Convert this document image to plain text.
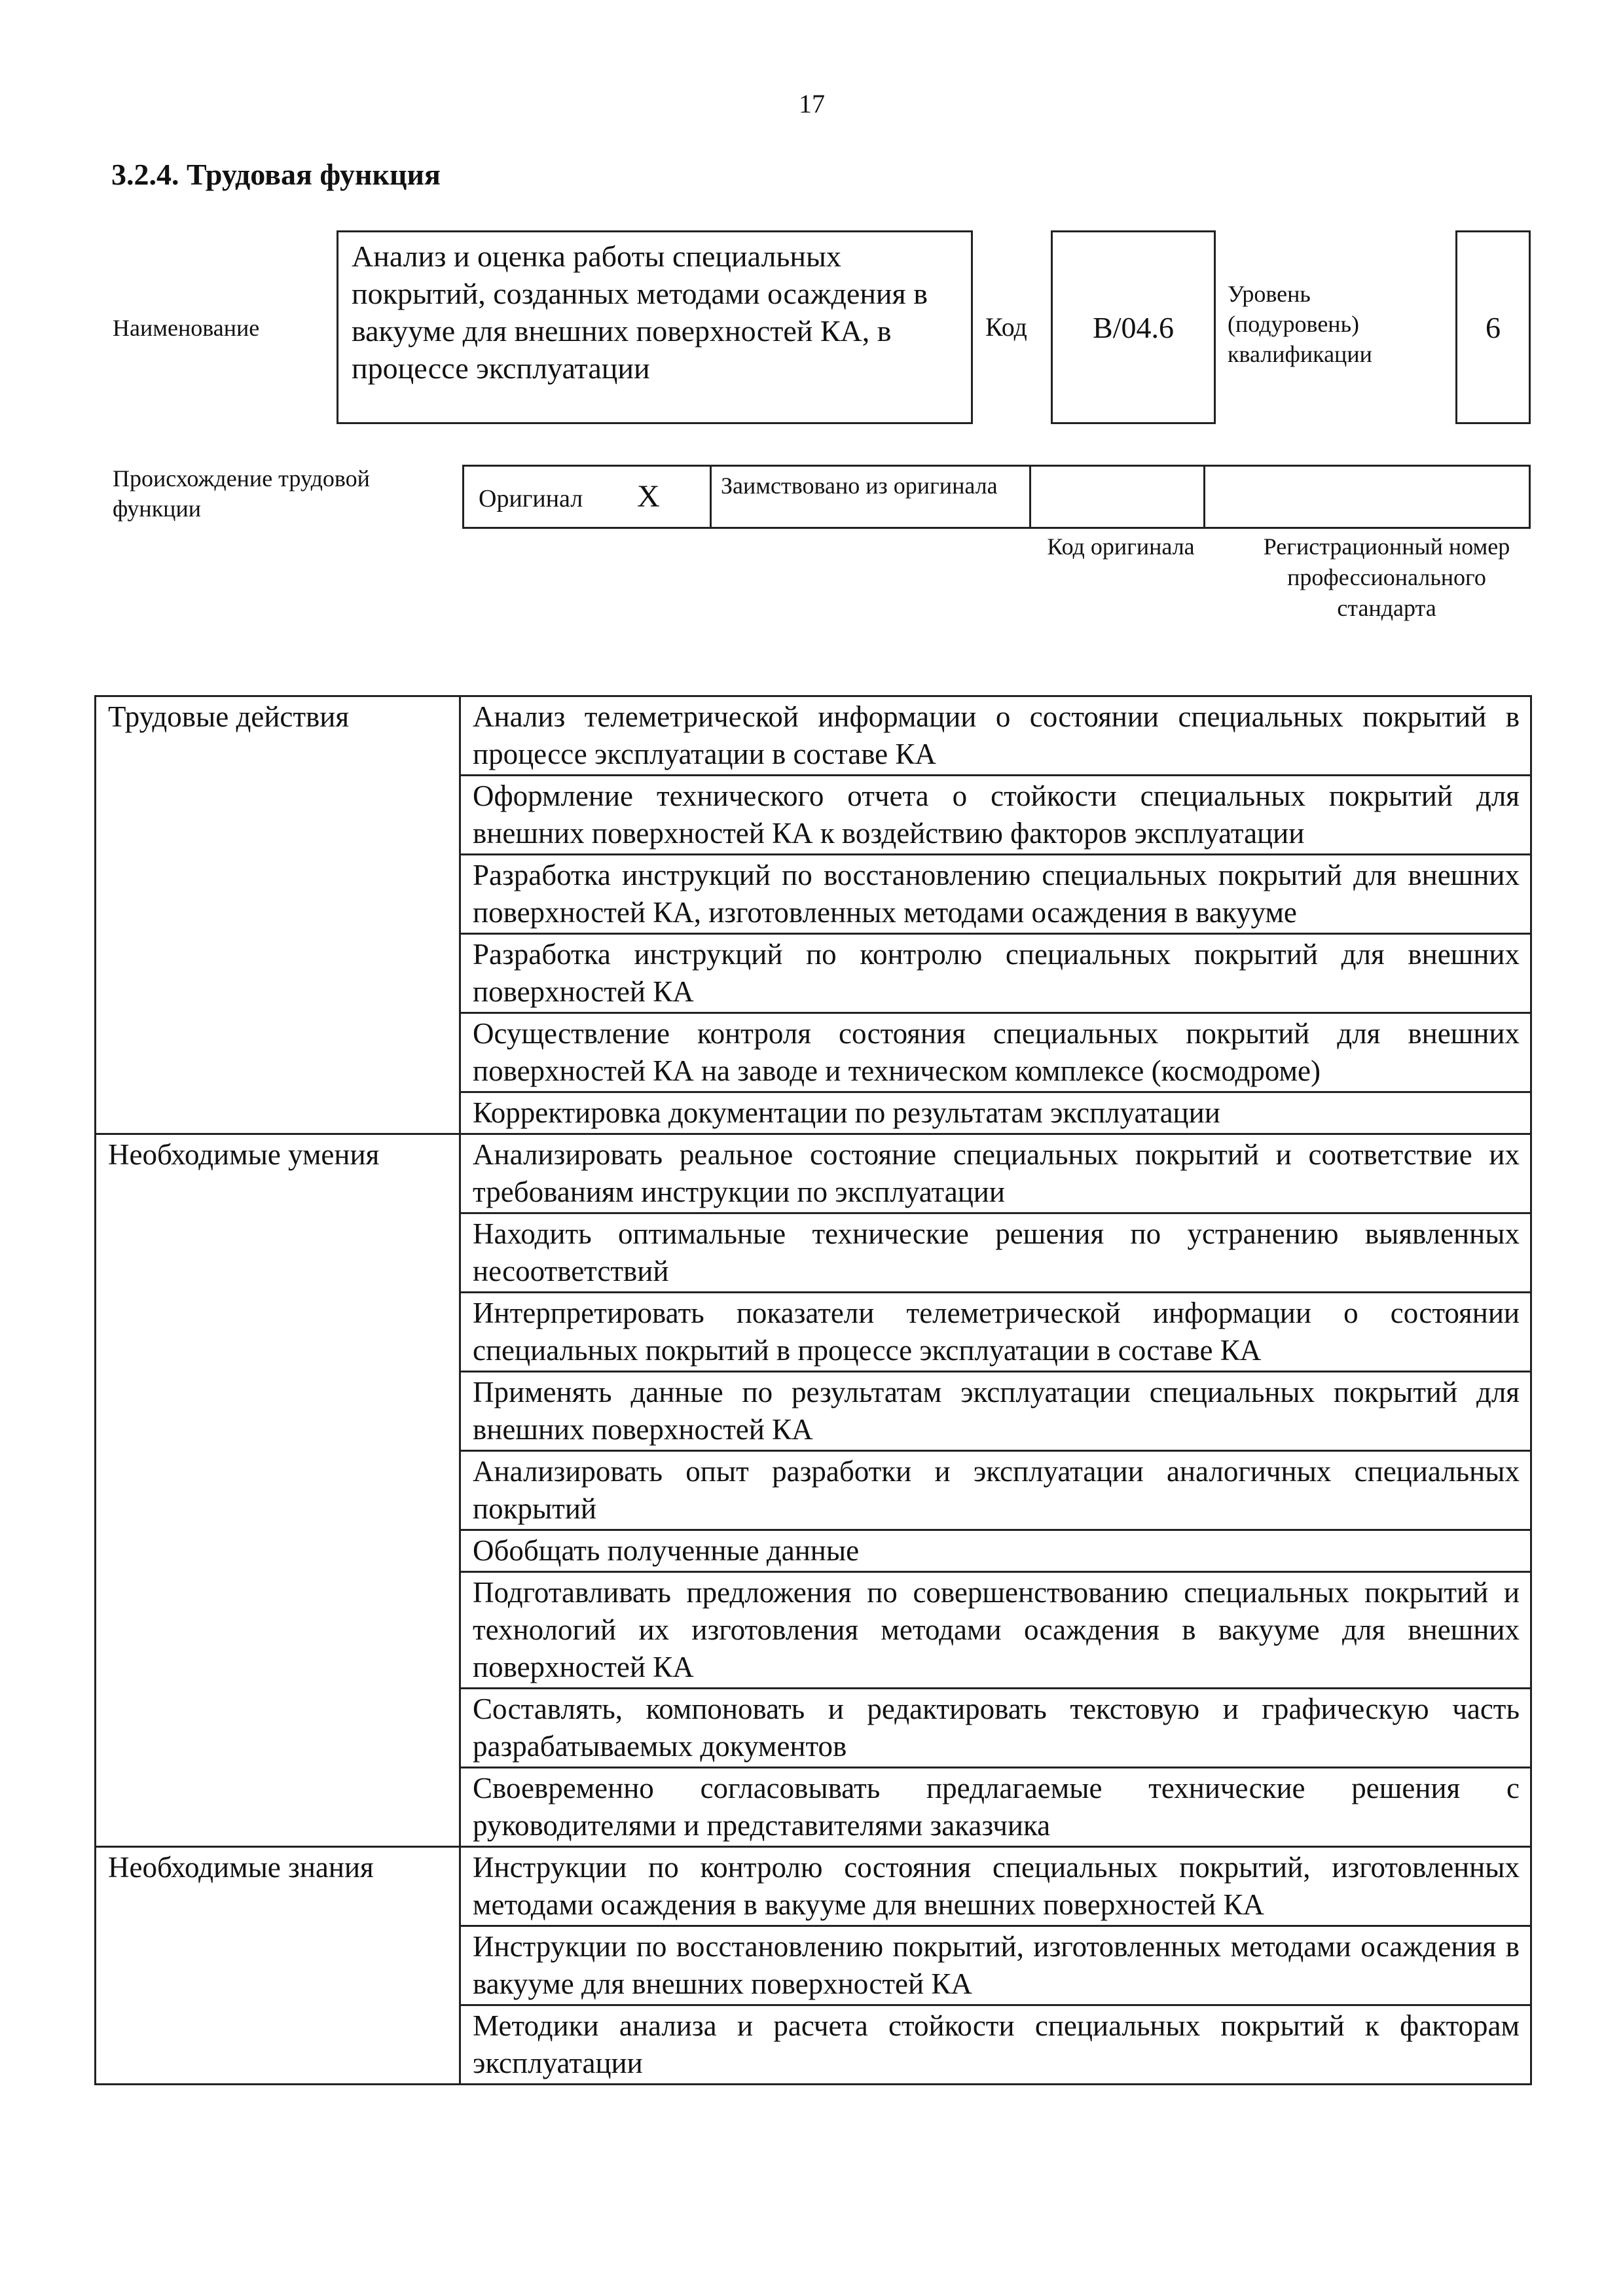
17
3.2.4. Трудовая функция
Наименование
Анализ и оценка работы специальных покрытий, созданных методами осаждения в вакууме для внешних поверхностей КА, в процессе эксплуатации
Код B/04.6
Уровень (подуровень) квалификации
6
Происхождение трудовой функции	Оригинал X	Заимствовано из оригинала
Код оригинала	Регистрационный номер профессионального стандарта
Трудовые действия	Анализ телеметрической информации о состоянии специальных покрытий в процессе эксплуатации в составе КА
	Оформление технического отчета о стойкости специальных покрытий для внешних поверхностей КА к воздействию факторов эксплуатации
	Разработка инструкций по восстановлению специальных покрытий для внешних поверхностей КА, изготовленных методами осаждения в вакууме
	Разработка инструкций по контролю специальных покрытий для внешних поверхностей КА
	Осуществление контроля состояния специальных покрытий для внешних поверхностей КА на заводе и техническом комплексе (космодроме)
	Корректировка документации по результатам эксплуатации
Необходимые умения	Анализировать реальное состояние специальных покрытий и соответствие их требованиям инструкции по эксплуатации
	Находить оптимальные технические решения по устранению выявленных несоответствий
	Интерпретировать показатели телеметрической информации о состоянии специальных покрытий в процессе эксплуатации в составе КА
	Применять данные по результатам эксплуатации специальных покрытий для внешних поверхностей КА
	Анализировать опыт разработки и эксплуатации аналогичных специальных покрытий
	Обобщать полученные данные
	Подготавливать предложения по совершенствованию специальных покрытий и технологий их изготовления методами осаждения в вакууме для внешних поверхностей КА
	Составлять, компоновать и редактировать текстовую и графическую часть разрабатываемых документов
	Своевременно согласовывать предлагаемые технические решения с руководителями и представителями заказчика
Необходимые знания	Инструкции по контролю состояния специальных покрытий, изготовленных методами осаждения в вакууме для внешних поверхностей КА
	Инструкции по восстановлению покрытий, изготовленных методами осаждения в вакууме для внешних поверхностей КА
	Методики анализа и расчета стойкости специальных покрытий к факторам эксплуатации
